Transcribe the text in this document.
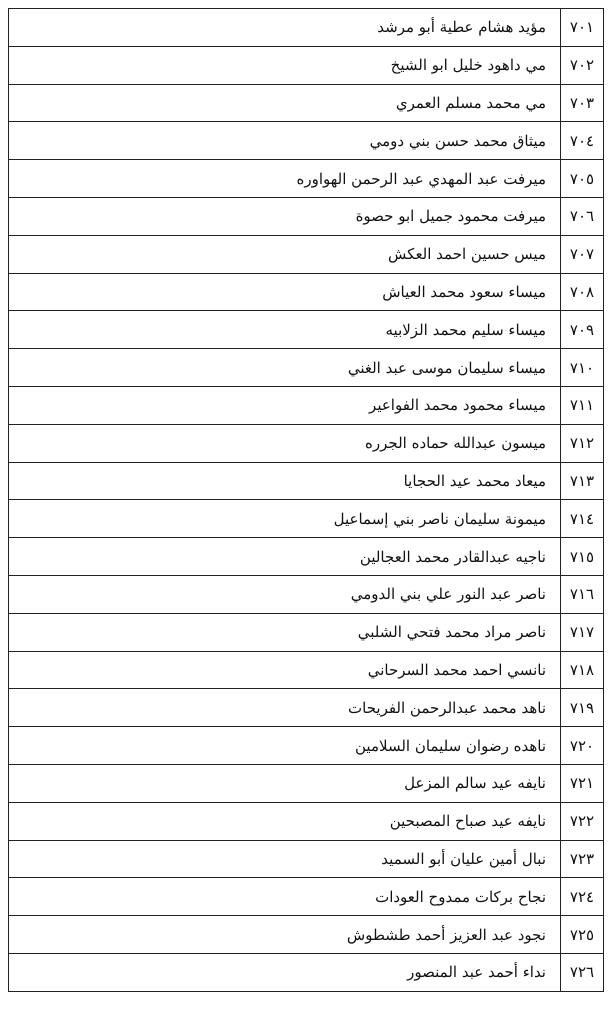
٧٠١	مؤيد هشام عطية أبو مرشد
٧٠٢	مي داهود خليل ابو الشيخ
٧٠٣	مي محمد مسلم العمري
٧٠٤	ميثاق محمد حسن بني دومي
٧٠٥	ميرفت عبد المهدي عبد الرحمن الهواوره
٧٠٦	ميرفت محمود جميل ابو حصوة
٧٠٧	ميس حسين احمد العكش
٧٠٨	ميساء سعود محمد العياش
٧٠٩	ميساء سليم محمد الزلابيه
٧١٠	ميساء سليمان موسى عبد الغني
٧١١	ميساء محمود محمد الفواعير
٧١٢	ميسون عبدالله حماده الجرره
٧١٣	ميعاد محمد عيد الحجايا
٧١٤	ميمونة سليمان ناصر بني إسماعيل
٧١٥	ناجيه عبدالقادر محمد العجالين
٧١٦	ناصر عبد النور علي بني الدومي
٧١٧	ناصر مراد محمد فتحي الشلبي
٧١٨	نانسي احمد محمد السرحاني
٧١٩	ناهد محمد عبدالرحمن الفريحات
٧٢٠	ناهده رضوان سليمان السلامين
٧٢١	نايفه عيد سالم المزعل
٧٢٢	نايفه عيد صباح المصبحين
٧٢٣	نبال أمين عليان أبو السميد
٧٢٤	نجاح بركات ممدوح العودات
٧٢٥	نجود عبد العزيز أحمد طشطوش
٧٢٦	نداء أحمد عبد المنصور
